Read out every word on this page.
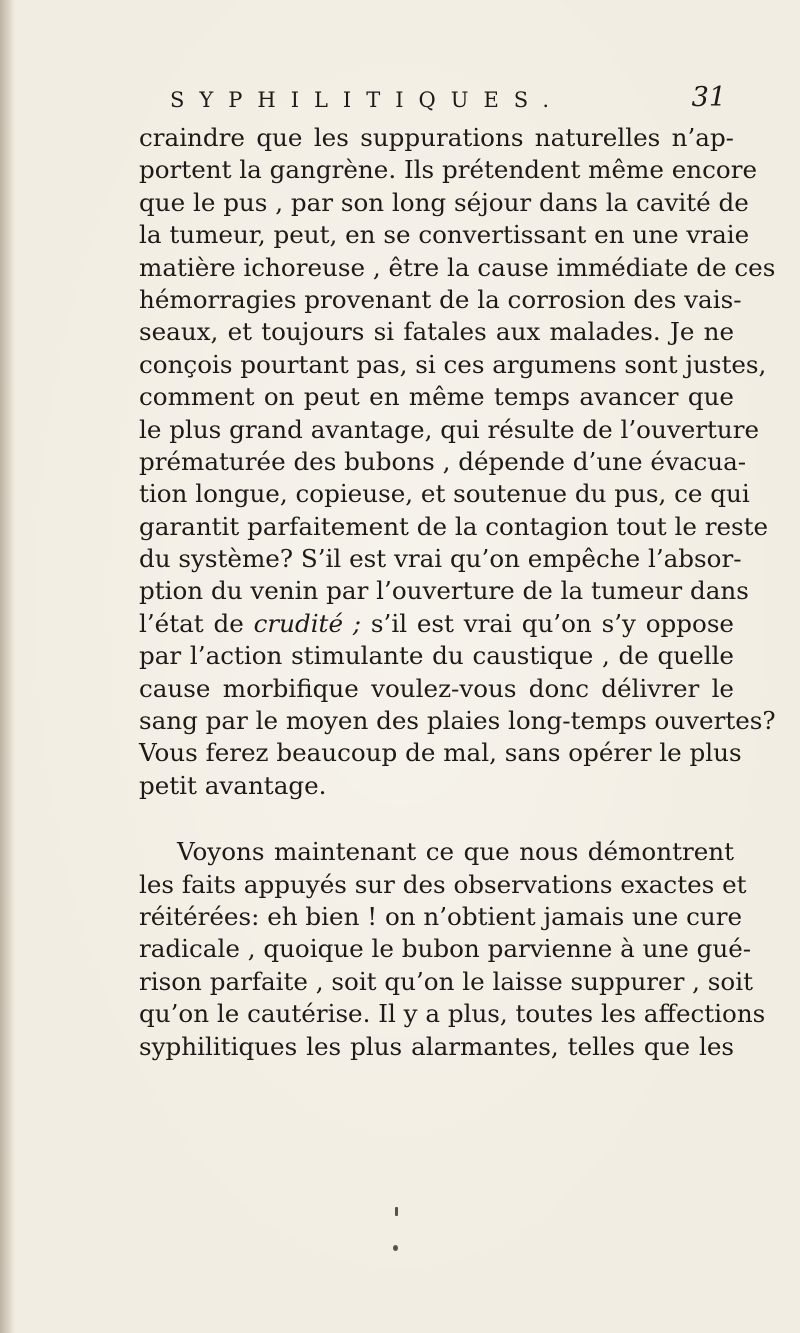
SYPHILITIQUES.	31
craindre que les suppurations naturelles n’ap-
portent la gangrène. Ils prétendent même encore
que le pus , par son long séjour dans la cavité de
la tumeur, peut, en se convertissant en une vraie
matière ichoreuse , être la cause immédiate de ces
hémorragies provenant de la corrosion des vais-
seaux, et toujours si fatales aux malades. Je ne
conçois pourtant pas, si ces argumens sont justes,
comment on peut en même temps avancer que
le plus grand avantage, qui résulte de l’ouverture
prématurée des bubons , dépende d’une évacua-
tion longue, copieuse, et soutenue du pus, ce qui
garantit parfaitement de la contagion tout le reste
du système? S’il est vrai qu’on empêche l’absor-
ption du venin par l’ouverture de la tumeur dans
l’état de crudité ; s’il est vrai qu’on s’y oppose
par l’action stimulante du caustique , de quelle
cause morbifique voulez-vous donc délivrer le
sang par le moyen des plaies long-temps ouvertes?
Vous ferez beaucoup de mal, sans opérer le plus
petit avantage.
Voyons maintenant ce que nous démontrent
les faits appuyés sur des observations exactes et
réitérées: eh bien ! on n’obtient jamais une cure
radicale , quoique le bubon parvienne à une gué-
rison parfaite , soit qu’on le laisse suppurer , soit
qu’on le cautérise. Il y a plus, toutes les affections
syphilitiques les plus alarmantes, telles que les
